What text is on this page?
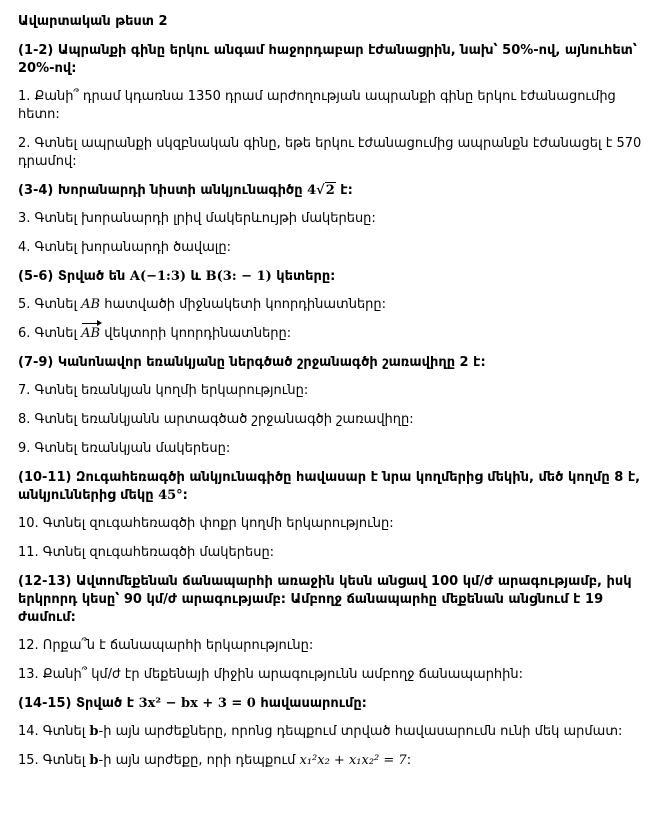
Ավարտական թեստ 2
(1-2) Ապրանքի գինը երկու անգամ հաջորդաբար էժանացրին, նախ՝ 50%-ով, այնուհետ՝ 20%-ով:
1. Քանի՞ դրամ կդառնա 1350 դրամ արժողության ապրանքի գինը երկու էժանացումից հետո:
2. Գտնել ապրանքի սկզբնական գինը, եթե երկու էժանացումից ապրանքն էժանացել է 570 դրամով:
(3-4) Խորանարդի նիստի անկյունագիծը 4√2 է:
3. Գտնել խորանարդի լրիվ մակերևույթի մակերեսը:
4. Գտնել խորանարդի ծավալը:
(5-6) Տրված են A(−1:3) և B(3: − 1) կետերը:
5. Գտնել AB հատվածի միջնակետի կոորդինատները:
6. Գտնել AB վեկտորի կոորդինատները:
(7-9) Կանոնավոր եռանկյանը ներգծած շրջանագծի շառավիղը 2 է:
7. Գտնել եռանկյան կողմի երկարությունը:
8. Գտնել եռանկյանն արտագծած շրջանագծի շառավիղը:
9. Գտնել եռանկյան մակերեսը:
(10-11) Զուգահեռագծի անկյունագիծը հավասար է նրա կողմերից մեկին, մեծ կողմը 8 է, անկյուններից մեկը 45°:
10. Գտնել զուգահեռագծի փոքր կողմի երկարությունը:
11. Գտնել զուգահեռագծի մակերեսը:
(12-13) Ավտոմեքենան ճանապարհի առաջին կեսն անցավ 100 կմ/ժ արագությամբ, իսկ երկրորդ կեսը՝ 90 կմ/ժ արագությամբ: Ամբողջ ճանապարհը մեքենան անցնում է 19 ժամում:
12. Որքա՞ն է ճանապարհի երկարությունը:
13. Քանի՞ կմ/ժ էր մեքենայի միջին արագությունն ամբողջ ճանապարհին:
(14-15) Տրված է 3x² − bx + 3 = 0 հավասարումը:
14. Գտնել b-ի այն արժեքները, որոնց դեպքում տրված հավասարումն ունի մեկ արմատ:
15. Գտնել b-ի այն արժեքը, որի դեպքում x₁²x₂ + x₁x₂² = 7:
